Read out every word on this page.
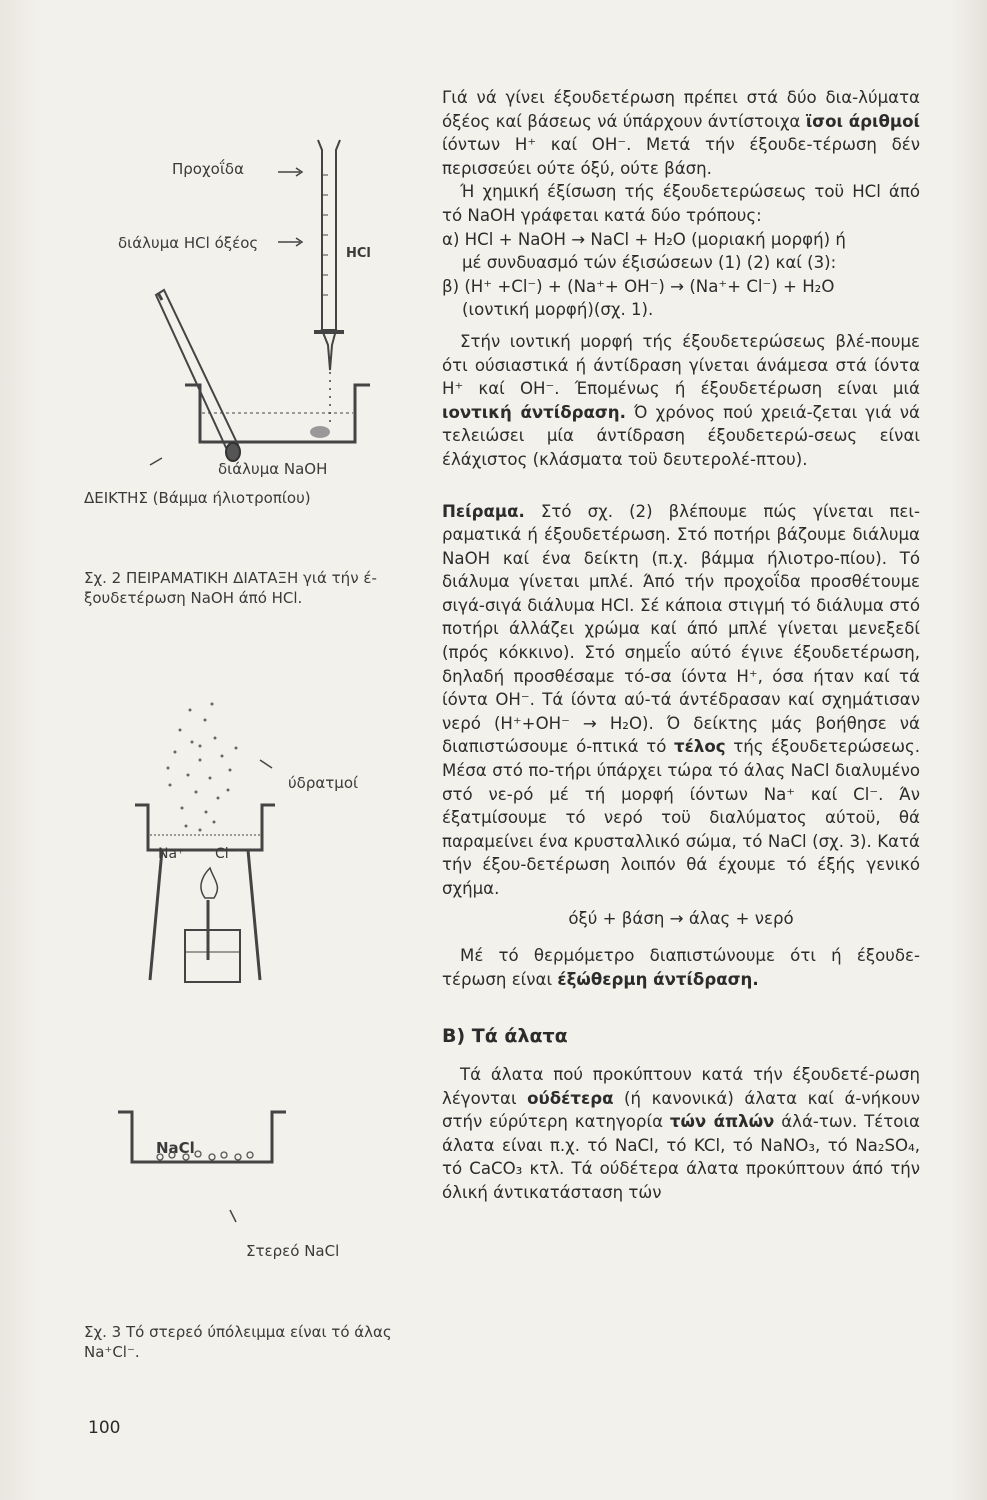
Προχοΐδα
διάλυμα HCl όξέος
HCl
διάλυμα NaOH
ΔΕΙΚΤΗΣ (Βάμμα ήλιοτροπίου)
Σχ. 2 ΠΕΙΡΑΜΑΤΙΚΗ ΔΙΑΤΑΞΗ γιά τήν έ-
ξουδετέρωση NaOH άπό HCl.
ύδρατμοί
Na⁺ Cl⁻
NaCl
Στερεό NaCl
Σχ. 3 Τό στερεό ύπόλειμμα είναι τό άλας
Na⁺Cl⁻.

Γιά νά γίνει έξουδετέρωση πρέπει στά δύο δια-λύματα όξέος καί βάσεως νά ύπάρχουν άντίστοιχα ϊσοι άριθμοί ίόντων H⁺ καί OH⁻. Μετά τήν έξουδε-τέρωση δέν περισσεύει ούτε όξύ, ούτε βάση.

Ή χημική έξίσωση τής έξουδετερώσεως τοϋ HCl άπό τό NaOH γράφεται κατά δύο τρόπους:

α) HCl + NaOH → NaCl + H₂O (μοριακή μορφή) ή
μέ συνδυασμό τών έξισώσεων (1) (2) καί (3):
β) (H⁺ +Cl⁻) + (Na⁺+ OH⁻) → (Na⁺+ Cl⁻) + H₂O
(ιοντική μορφή)(σχ. 1).

Στήν ιοντική μορφή τής έξουδετερώσεως βλέ-πουμε ότι ούσιαστικά ή άντίδραση γίνεται άνάμεσα στά ίόντα H⁺ καί OH⁻. Έπομένως ή έξουδετέρωση είναι μιά ιοντική άντίδραση. Ό χρόνος πού χρειά-ζεται γιά νά τελειώσει μία άντίδραση έξουδετερώ-σεως είναι έλάχιστος (κλάσματα τοϋ δευτερολέ-πτου).

Πείραμα. Στό σχ. (2) βλέπουμε πώς γίνεται πει-ραματικά ή έξουδετέρωση. Στό ποτήρι βάζουμε διάλυμα NaOH καί ένα δείκτη (π.χ. βάμμα ήλιοτρο-πίου). Τό διάλυμα γίνεται μπλέ. Άπό τήν προχοΐδα προσθέτουμε σιγά-σιγά διάλυμα HCl. Σέ κάποια στιγμή τό διάλυμα στό ποτήρι άλλάζει χρώμα καί άπό μπλέ γίνεται μενεξεδί (πρός κόκκινο). Στό σημεΐο αύτό έγινε έξουδετέρωση, δηλαδή προσθέσαμε τό-σα ίόντα H⁺, όσα ήταν καί τά ίόντα OH⁻. Τά ίόντα αύ-τά άντέδρασαν καί σχημάτισαν νερό (H⁺+OH⁻ → H₂O). Ό δείκτης μάς βοήθησε νά διαπιστώσουμε ό-πτικά τό τέλος τής έξουδετερώσεως. Μέσα στό πο-τήρι ύπάρχει τώρα τό άλας NaCl διαλυμένο στό νε-ρό μέ τή μορφή ίόντων Na⁺ καί Cl⁻. Άν έξατμίσουμε τό νερό τοϋ διαλύματος αύτοϋ, θά παραμείνει ένα κρυσταλλικό σώμα, τό NaCl (σχ. 3). Κατά τήν έξου-δετέρωση λοιπόν θά έχουμε τό έξής γενικό σχήμα.

όξύ + βάση → άλας + νερό

Μέ τό θερμόμετρο διαπιστώνουμε ότι ή έξουδε-τέρωση είναι έξώθερμη άντίδραση.

Β) Τά άλατα

Τά άλατα πού προκύπτουν κατά τήν έξουδετέ-ρωση λέγονται ούδέτερα (ή κανονικά) άλατα καί ά-νήκουν στήν εύρύτερη κατηγορία τών άπλών άλά-των. Τέτοια άλατα είναι π.χ. τό NaCl, τό KCl, τό NaNO₃, τό Na₂SO₄, τό CaCO₃ κτλ. Τά ούδέτερα άλατα προκύπτουν άπό τήν όλική άντικατάσταση τών

100
